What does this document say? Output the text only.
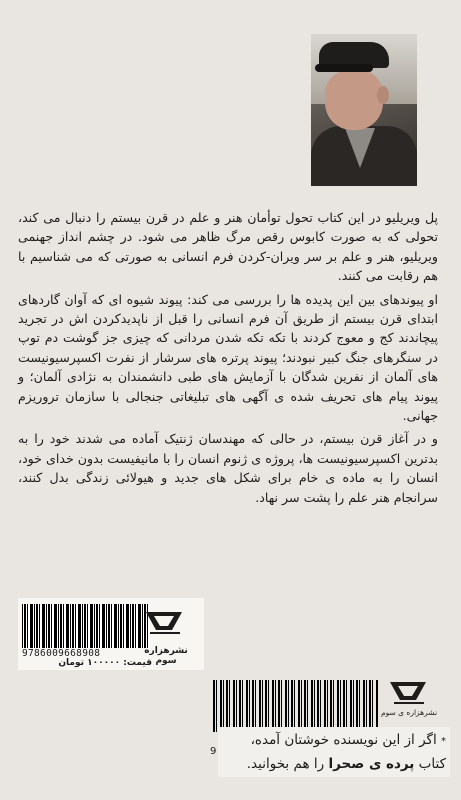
پل ویریلیو در این کتاب تحول توأمان هنر و علم در قرن بیستم را دنبال می کند، تحولی که به صورت کابوس رقص مرگ ظاهر می شود. در چشم انداز جهنمی ویریلیو، هنر و علم بر سر ویران-کردن فرم انسانی به صورتی که می شناسیم با هم رقابت می کنند.

او پیوندهای بین این پدیده ها را بررسی می کند: پیوند شیوه ای که آوان گاردهای ابتدای قرن بیستم از طریق آن فرم انسانی را قبل از ناپدیدکردن اش در تجرید پیچاندند کج و معوج کردند با تکه تکه شدن مردانی که چیزی جز گوشت دم توپ در سنگرهای جنگ کبیر نبودند؛ پیوند پرتره های سرشار از نفرت اکسپرسیونیست های آلمان از نفرین شدگان با آزمایش های طبی دانشمندان به نژادی آلمان؛ و پیوند پیام های تحریف شده ی آگهی های تبلیغاتی جنجالی با سازمان تروریزم جهانی.

و در آغاز قرن بیستم، در حالی که مهندسان ژنتیک آماده می شدند خود را به بدترین اکسپرسیونیست ها، پروژه ی ژنوم انسان را با مانیفیست بدون خدای خود، انسان را به ماده ی خام برای شکل های جدید و هیولائی زندگی بدل کنند، سرانجام هنر علم را پشت سر نهاد.

9786009668908
قیمت: ۱۰۰۰۰۰ تومان
نشرهزاره سوم
9
نشرهزاره ی سوم
* اگر از این نویسنده خوشتان آمده،
کتاب پرده ی صحرا را هم بخوانید.
